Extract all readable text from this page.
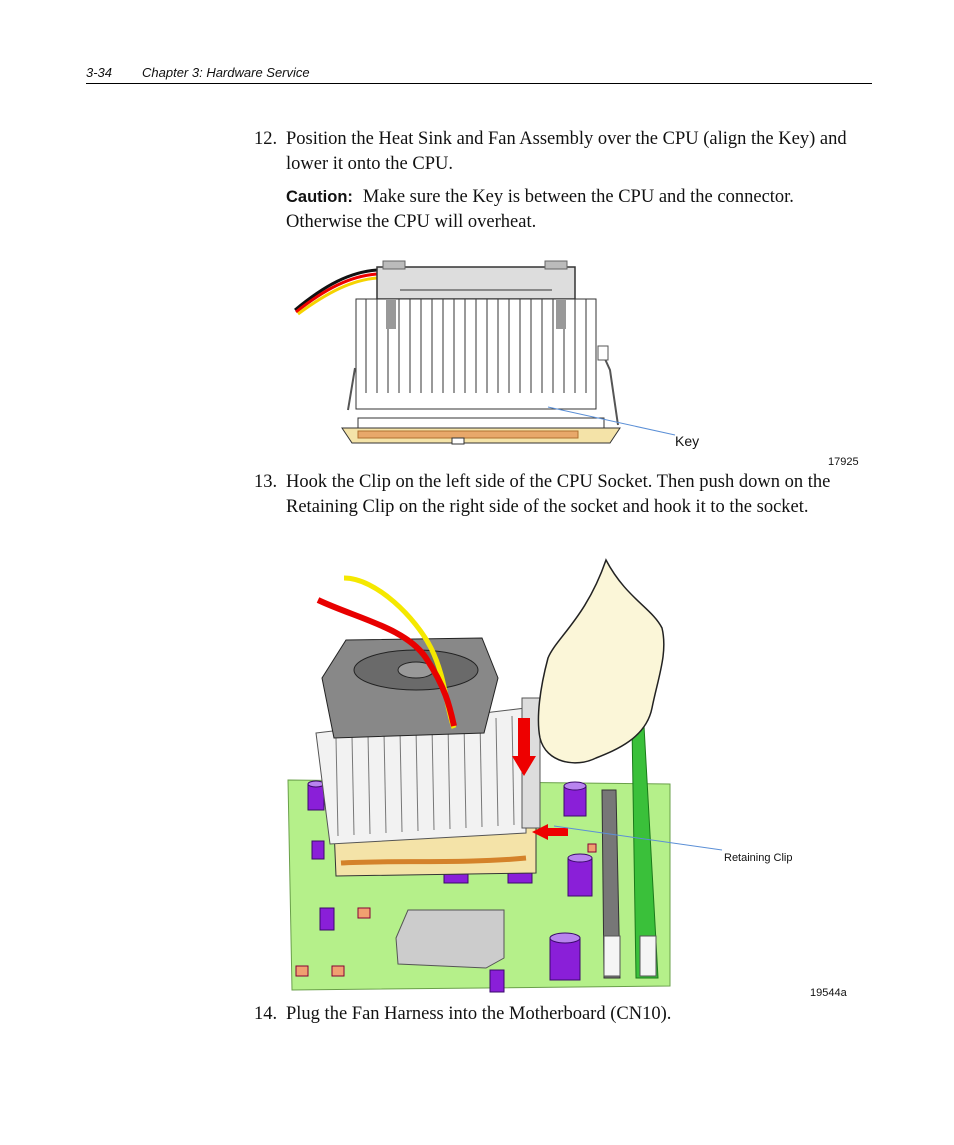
3-34 Chapter 3: Hardware Service
12. Position the Heat Sink and Fan Assembly over the CPU (align the Key) and lower it onto the CPU.
Caution: Make sure the Key is between the CPU and the connector. Otherwise the CPU will overheat.
Key
17925
13. Hook the Clip on the left side of the CPU Socket. Then push down on the Retaining Clip on the right side of the socket and hook it to the socket.
Retaining Clip
19544a
14. Plug the Fan Harness into the Motherboard (CN10).
